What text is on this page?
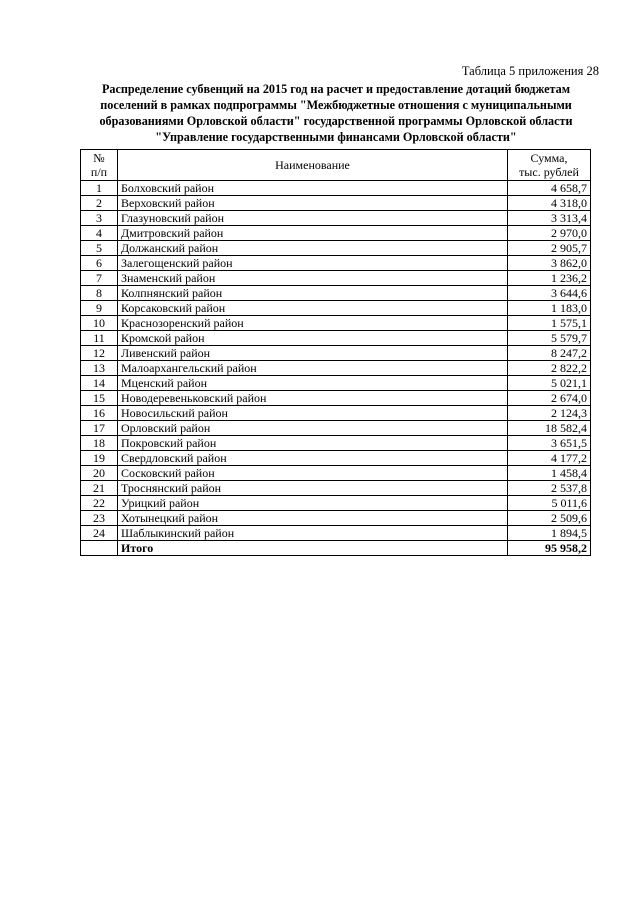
Таблица 5 приложения 28
Распределение субвенций на 2015 год на расчет и предоставление дотаций бюджетам
поселений в рамках подпрограммы "Межбюджетные отношения с муниципальными
образованиями Орловской области" государственной программы Орловской области
"Управление государственными финансами Орловской области"
№
п/п	Наименование	Сумма,
тыс. рублей
1	Болховский район	4 658,7
2	Верховский район	4 318,0
3	Глазуновский район	3 313,4
4	Дмитровский район	2 970,0
5	Должанский район	2 905,7
6	Залегощенский район	3 862,0
7	Знаменский район	1 236,2
8	Колпнянский район	3 644,6
9	Корсаковский район	1 183,0
10	Краснозоренский район	1 575,1
11	Кромской район	5 579,7
12	Ливенский район	8 247,2
13	Малоархангельский район	2 822,2
14	Мценский район	5 021,1
15	Новодеревеньковский район	2 674,0
16	Новосильский район	2 124,3
17	Орловский район	18 582,4
18	Покровский район	3 651,5
19	Свердловский район	4 177,2
20	Сосковский район	1 458,4
21	Троснянский район	2 537,8
22	Урицкий район	5 011,6
23	Хотынецкий район	2 509,6
24	Шаблыкинский район	1 894,5
	Итого	95 958,2
